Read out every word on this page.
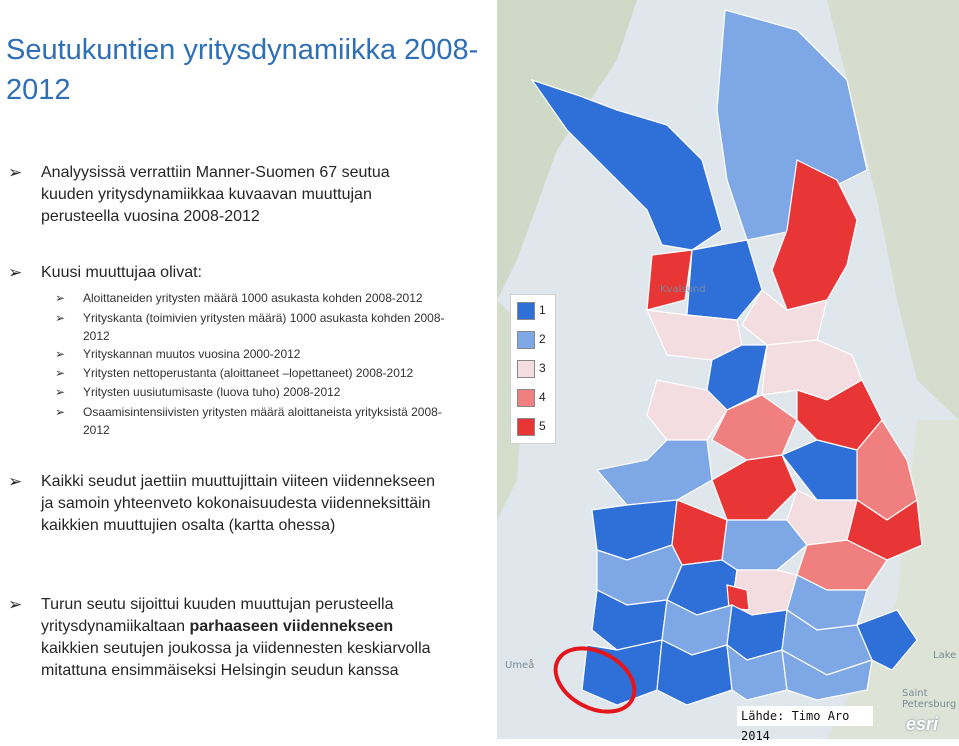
Seutukuntien yritysdynamiikka 2008-2012
➢ Analyysissä verrattiin Manner-Suomen 67 seutua kuuden yritysdynamiikkaa kuvaavan muuttujan perusteella vuosina 2008-2012
➢ Kuusi muuttujaa olivat:
➢ Aloittaneiden yritysten määrä 1000 asukasta kohden 2008-2012
➢ Yrityskanta (toimivien yritysten määrä) 1000 asukasta kohden 2008-2012
➢ Yrityskannan muutos vuosina 2000-2012
➢ Yritysten nettoperustanta (aloittaneet –lopettaneet) 2008-2012
➢ Yritysten uusiutumisaste (luova tuho) 2008-2012
➢ Osaamisintensiivisten yritysten määrä aloittaneista yrityksistä 2008-2012
➢ Kaikki seudut jaettiin muuttujittain viiteen viidennekseen ja samoin yhteenveto kokonaisuudesta viidenneksittäin kaikkien muuttujien osalta (kartta ohessa)
➢ Turun seutu sijoittui kuuden muuttujan perusteella yritysdynamiikaltaan parhaaseen viidennekseen kaikkien seutujen joukossa ja viidennesten keskiarvolla mitattuna ensimmäiseksi Helsingin seudun kanssa
Kvalsund
Umeå
Saint Petersburg
Lake
1
2
3
4
5
Lähde: Timo Aro 2014
esri
